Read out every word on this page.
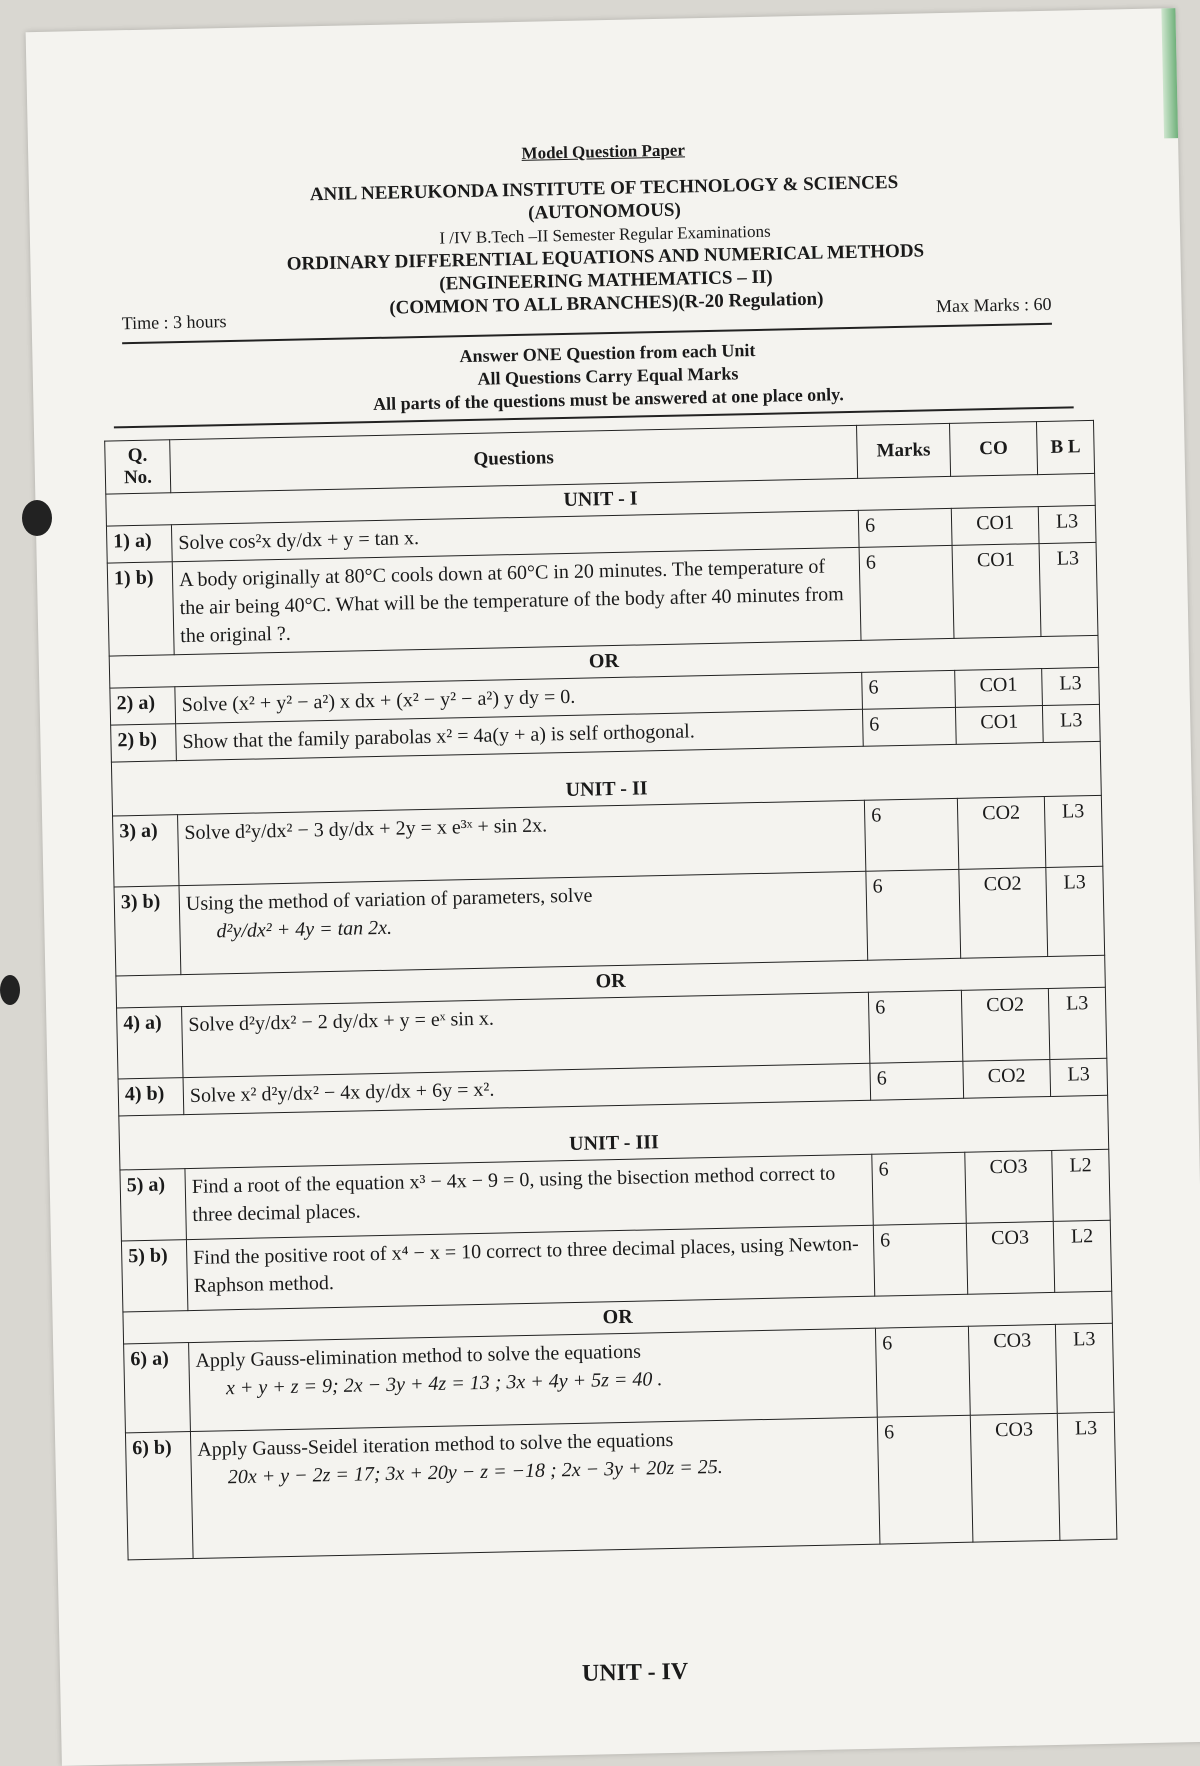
Model Question Paper
ANIL NEERUKONDA INSTITUTE OF TECHNOLOGY & SCIENCES
(AUTONOMOUS)
I /IV B.Tech –II Semester Regular Examinations
ORDINARY DIFFERENTIAL EQUATIONS AND NUMERICAL METHODS
(ENGINEERING MATHEMATICS – II)
(COMMON TO ALL BRANCHES)(R-20 Regulation)
Time : 3 hours
Max Marks : 60
Answer ONE Question from each Unit
All Questions Carry Equal Marks
All parts of the questions must be answered at one place only.
Q. No.	Questions	Marks	CO	B L
UNIT - I				
1) a)	Solve cos²x dy/dx + y = tan x.	6	CO1	L3
1) b)	A body originally at 80°C cools down at 60°C in 20 minutes. The temperature of the air being 40°C. What will be the temperature of the body after 40 minutes from the original ?.	6	CO1	L3
OR				
2) a)	Solve (x² + y² − a²) x dx + (x² − y² − a²) y dy = 0.	6	CO1	L3
2) b)	Show that the family parabolas x² = 4a(y + a) is self orthogonal.	6	CO1	L3
UNIT - II				
3) a)	Solve d²y/dx² − 3 dy/dx + 2y = x e³ˣ + sin 2x.	6	CO2	L3
3) b)	Using the method of variation of parameters, solve
d²y/dx² + 4y = tan 2x.	6	CO2	L3
OR				
4) a)	Solve d²y/dx² − 2 dy/dx + y = eˣ sin x.	6	CO2	L3
4) b)	Solve x² d²y/dx² − 4x dy/dx + 6y = x².	6	CO2	L3
UNIT - III				
5) a)	Find a root of the equation x³ − 4x − 9 = 0, using the bisection method correct to three decimal places.	6	CO3	L2
5) b)	Find the positive root of x⁴ − x = 10 correct to three decimal places, using Newton-Raphson method.	6	CO3	L2
OR				
6) a)	Apply Gauss-elimination method to solve the equations
x + y + z = 9; 2x − 3y + 4z = 13 ; 3x + 4y + 5z = 40 .	6	CO3	L3
6) b)	Apply Gauss-Seidel iteration method to solve the equations
20x + y − 2z = 17; 3x + 20y − z = −18 ; 2x − 3y + 20z = 25.	6	CO3	L3
UNIT - IV
